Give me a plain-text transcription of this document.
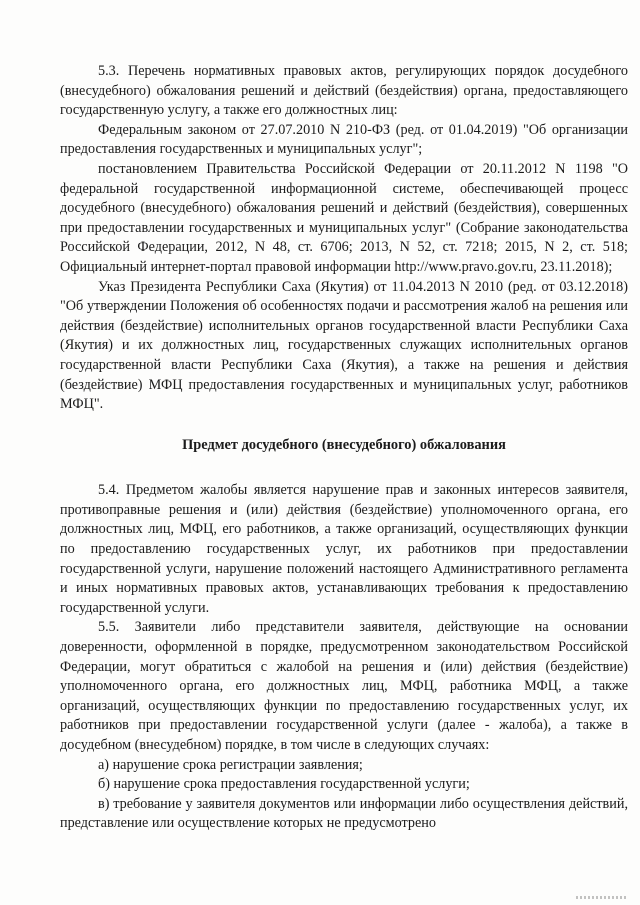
5.3. Перечень нормативных правовых актов, регулирующих порядок досудебного (внесудебного) обжалования решений и действий (бездействия) органа, предоставляющего государственную услугу, а также его должностных лиц:

Федеральным законом от 27.07.2010 N 210-ФЗ (ред. от 01.04.2019) "Об организации предоставления государственных и муниципальных услуг";

постановлением Правительства Российской Федерации от 20.11.2012 N 1198 "О федеральной государственной информационной системе, обеспечивающей процесс досудебного (внесудебного) обжалования решений и действий (бездействия), совершенных при предоставлении государственных и муниципальных услуг" (Собрание законодательства Российской Федерации, 2012, N 48, ст. 6706; 2013, N 52, ст. 7218; 2015, N 2, ст. 518; Официальный интернет-портал правовой информации http://www.pravo.gov.ru, 23.11.2018);

Указ Президента Республики Саха (Якутия) от 11.04.2013 N 2010 (ред. от 03.12.2018) "Об утверждении Положения об особенностях подачи и рассмотрения жалоб на решения или действия (бездействие) исполнительных органов государственной власти Республики Саха (Якутия) и их должностных лиц, государственных служащих исполнительных органов государственной власти Республики Саха (Якутия), а также на решения и действия (бездействие) МФЦ предоставления государственных и муниципальных услуг, работников МФЦ".

Предмет досудебного (внесудебного) обжалования

5.4. Предметом жалобы является нарушение прав и законных интересов заявителя, противоправные решения и (или) действия (бездействие) уполномоченного органа, его должностных лиц, МФЦ, его работников, а также организаций, осуществляющих функции по предоставлению государственных услуг, их работников при предоставлении государственной услуги, нарушение положений настоящего Административного регламента и иных нормативных правовых актов, устанавливающих требования к предоставлению государственной услуги.

5.5. Заявители либо представители заявителя, действующие на основании доверенности, оформленной в порядке, предусмотренном законодательством Российской Федерации, могут обратиться с жалобой на решения и (или) действия (бездействие) уполномоченного органа, его должностных лиц, МФЦ, работника МФЦ, а также организаций, осуществляющих функции по предоставлению государственных услуг, их работников при предоставлении государственной услуги (далее - жалоба), а также в досудебном (внесудебном) порядке, в том числе в следующих случаях:

а) нарушение срока регистрации заявления;

б) нарушение срока предоставления государственной услуги;

в) требование у заявителя документов или информации либо осуществления действий, представление или осуществление которых не предусмотрено
